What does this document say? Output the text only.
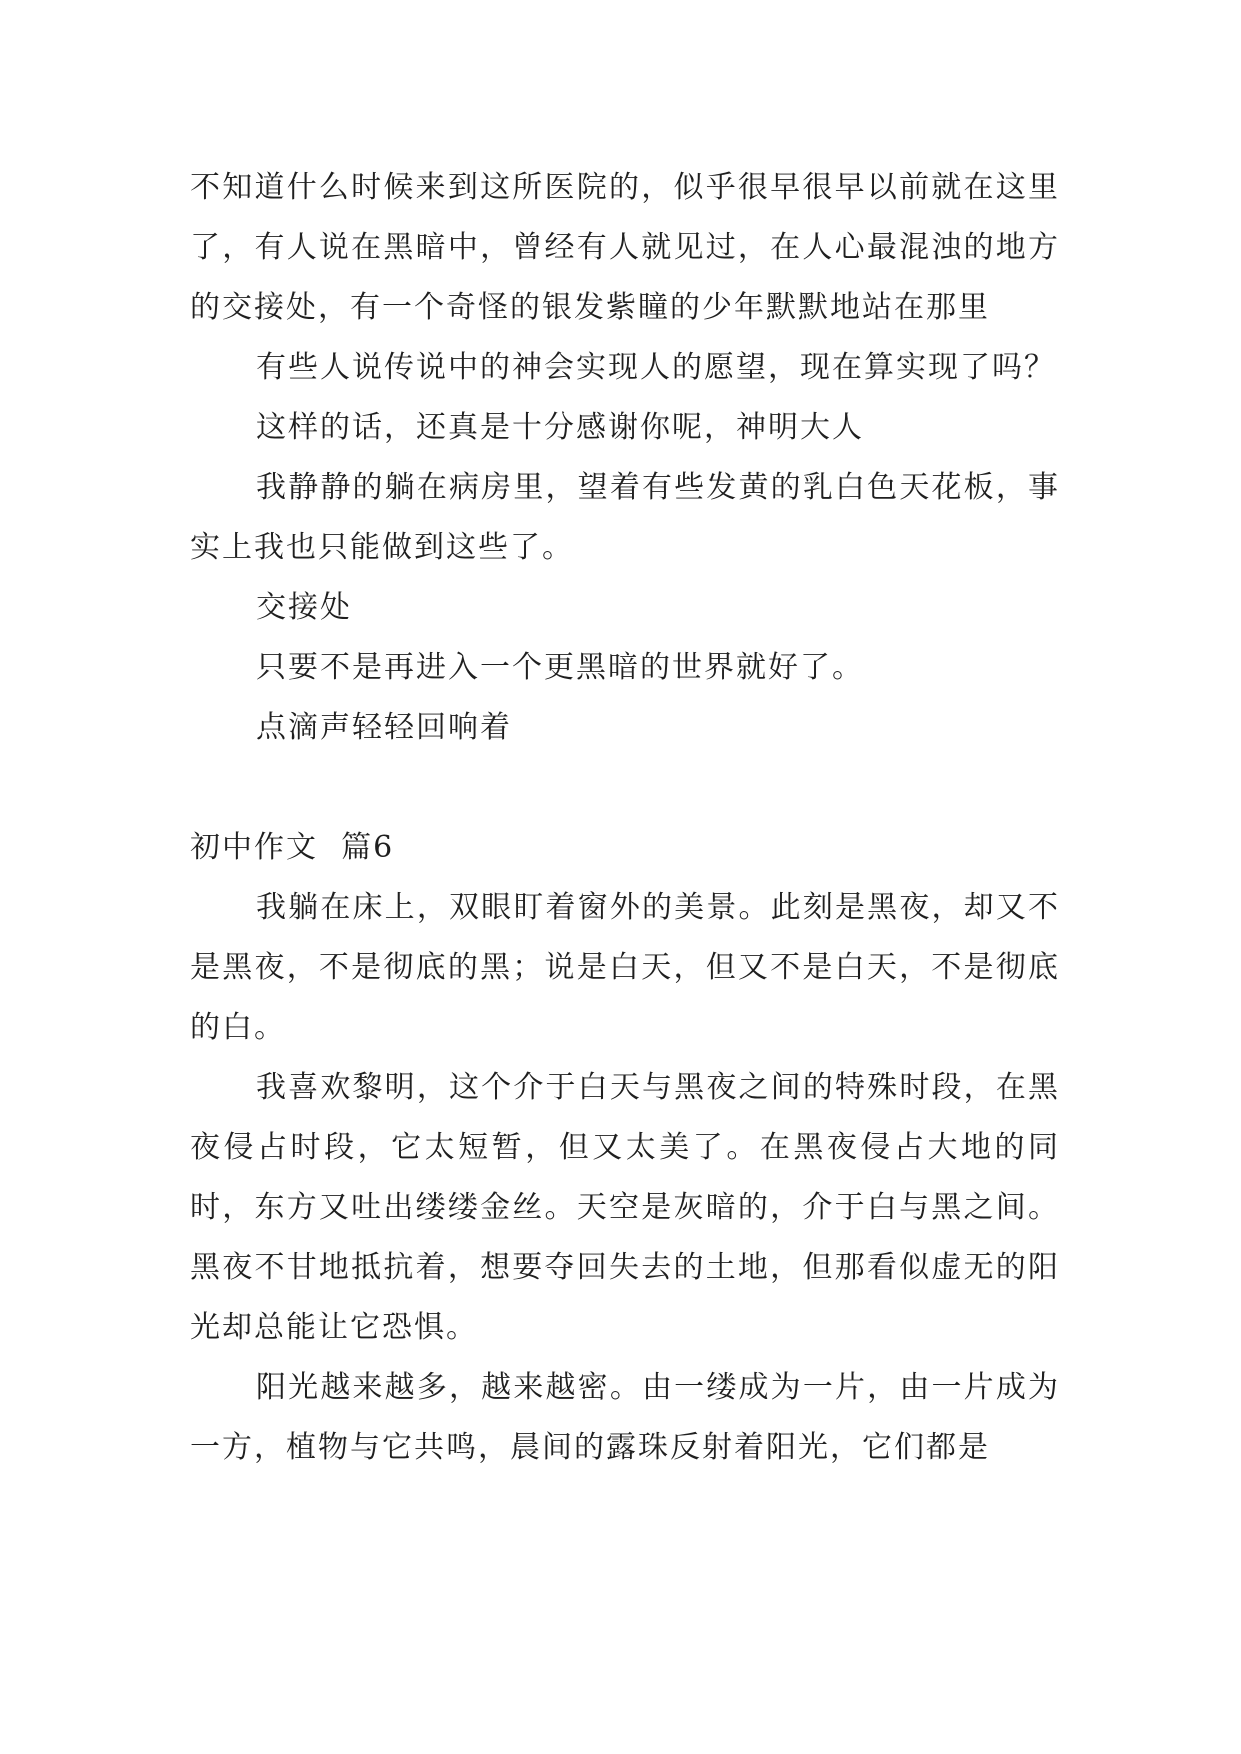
不知道什么时候来到这所医院的，似乎很早很早以前就在这里了，有人说在黑暗中，曾经有人就见过，在人心最混浊的地方的交接处，有一个奇怪的银发紫瞳的少年默默地站在那里

有些人说传说中的神会实现人的愿望，现在算实现了吗？

这样的话，还真是十分感谢你呢，神明大人

我静静的躺在病房里，望着有些发黄的乳白色天花板，事实上我也只能做到这些了。

交接处

只要不是再进入一个更黑暗的世界就好了。

点滴声轻轻回响着

初中作文  篇6

我躺在床上，双眼盯着窗外的美景。此刻是黑夜，却又不是黑夜，不是彻底的黑；说是白天，但又不是白天，不是彻底的白。

我喜欢黎明，这个介于白天与黑夜之间的特殊时段，在黑夜侵占时段，它太短暂，但又太美了。在黑夜侵占大地的同时，东方又吐出缕缕金丝。天空是灰暗的，介于白与黑之间。黑夜不甘地抵抗着，想要夺回失去的土地，但那看似虚无的阳光却总能让它恐惧。

阳光越来越多，越来越密。由一缕成为一片，由一片成为一方，植物与它共鸣，晨间的露珠反射着阳光，它们都是
